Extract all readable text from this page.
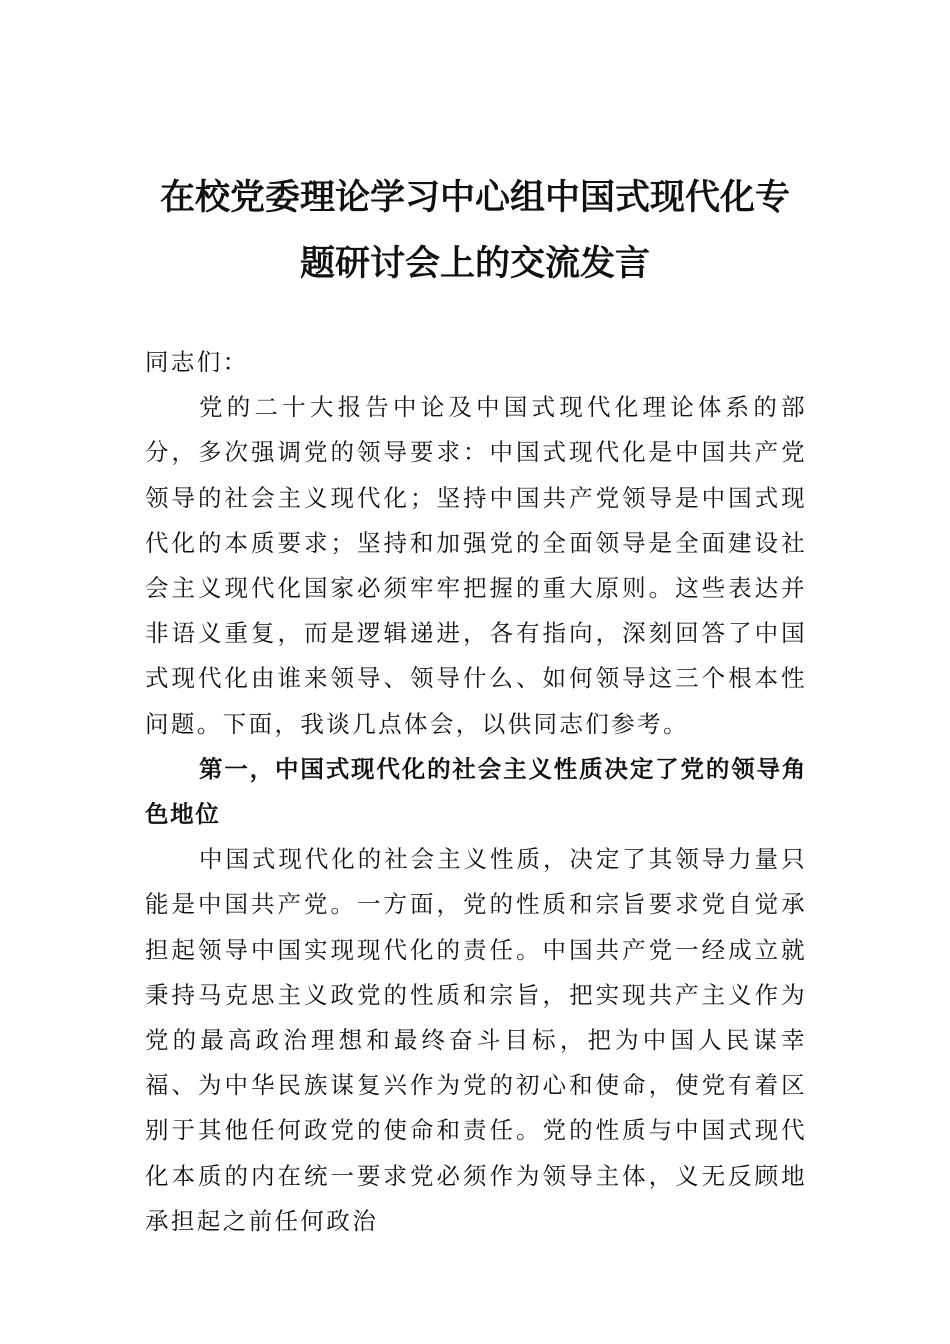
在校党委理论学习中心组中国式现代化专题研讨会上的交流发言

同志们：

党的二十大报告中论及中国式现代化理论体系的部分，多次强调党的领导要求：中国式现代化是中国共产党领导的社会主义现代化；坚持中国共产党领导是中国式现代化的本质要求；坚持和加强党的全面领导是全面建设社会主义现代化国家必须牢牢把握的重大原则。这些表达并非语义重复，而是逻辑递进，各有指向，深刻回答了中国式现代化由谁来领导、领导什么、如何领导这三个根本性问题。下面，我谈几点体会，以供同志们参考。

第一，中国式现代化的社会主义性质决定了党的领导角色地位

中国式现代化的社会主义性质，决定了其领导力量只能是中国共产党。一方面，党的性质和宗旨要求党自觉承担起领导中国实现现代化的责任。中国共产党一经成立就秉持马克思主义政党的性质和宗旨，把实现共产主义作为党的最高政治理想和最终奋斗目标，把为中国人民谋幸福、为中华民族谋复兴作为党的初心和使命，使党有着区别于其他任何政党的使命和责任。党的性质与中国式现代化本质的内在统一要求党必须作为领导主体，义无反顾地承担起之前任何政治
